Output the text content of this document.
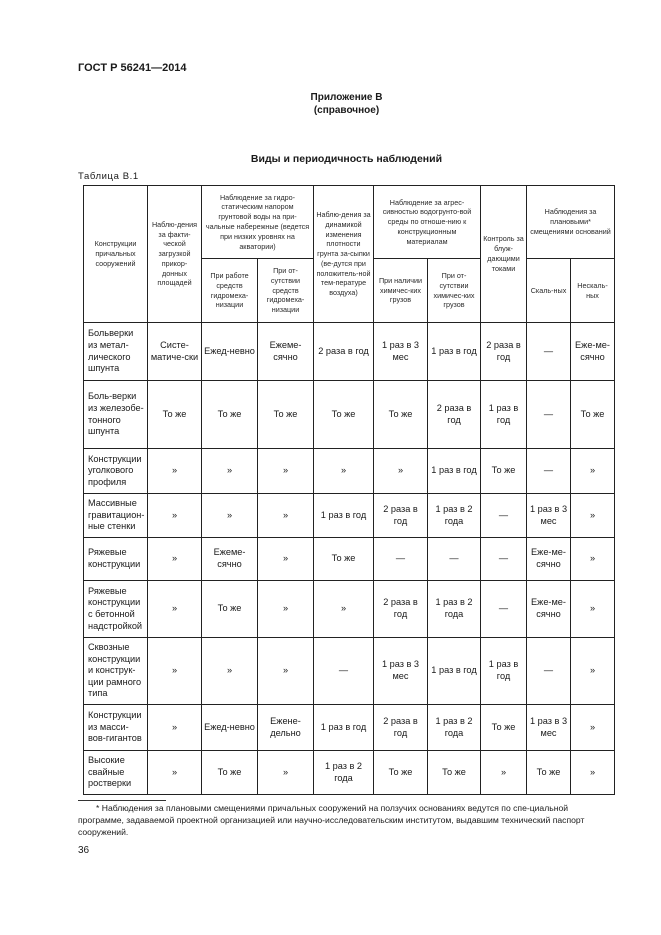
ГОСТ Р 56241—2014
Приложение В
(справочное)
Виды и периодичность наблюдений
Таблица В.1
Конструкции причальных сооружений	Наблю-дения за факти-ческой загрузкой прикор-донных площадей	Наблюдение за гидро-статическим напором грунтовой воды на при-чальные набережные (ведется при низких уровнях на акватории)		Наблю-дения за динамикой изменения плотности грунта за-сыпки (ве-дутся при положитель-ной тем-пературе воздуха)	Наблюдение за агрес-сивностью водогрунто-вой среды по отноше-нию к конструкционным материалам		Контроль за блуж-дающими токами	Наблюдения за плановыми* смещениями оснований	
		При работе средств гидромеха-низации	При от-сутствии средств гидромеха-низации		При наличии химичес-ких грузов	При от-сутствии химичес-ких грузов		Скаль-ных	Нескаль-ных
Больверки из метал-лического шпунта	Систе-матиче-ски	Ежед-невно	Ежеме-сячно	2 раза в год	1 раз в 3 мес	1 раз в год	2 раза в год	—	Еже-ме-сячно
Боль-верки из железобе-тонного шпунта	То же	То же	То же	То же	То же	2 раза в год	1 раз в год	—	То же
Конструкции уголкового профиля	»	»	»	»	»	1 раз в год	То же	—	»
Массивные гравитацион-ные стенки	»	»	»	1 раз в год	2 раза в год	1 раз в 2 года	—	1 раз в 3 мес	»
Ряжевые конструкции	»	Ежеме-сячно	»	То же	—	—	—	Еже-ме-сячно	»
Ряжевые конструкции с бетонной надстройкой	»	То же	»	»	2 раза в год	1 раз в 2 года	—	Еже-ме-сячно	»
Сквозные конструкции и конструк-ции рамного типа	»	»	»	—	1 раз в 3 мес	1 раз в год	1 раз в год	—	»
Конструкции из масси-вов-гигантов	»	Ежед-невно	Ежене-дельно	1 раз в год	2 раза в год	1 раз в 2 года	То же	1 раз в 3 мес	»
Высокие свайные ростверки	»	То же	»	1 раз в 2 года	То же	То же	»	То же	»
* Наблюдения за плановыми смещениями причальных сооружений на ползучих основаниях ведутся по спе-циальной программе, задаваемой проектной организацией или научно-исследовательским институтом, выдавшим технический паспорт сооружений.
36
